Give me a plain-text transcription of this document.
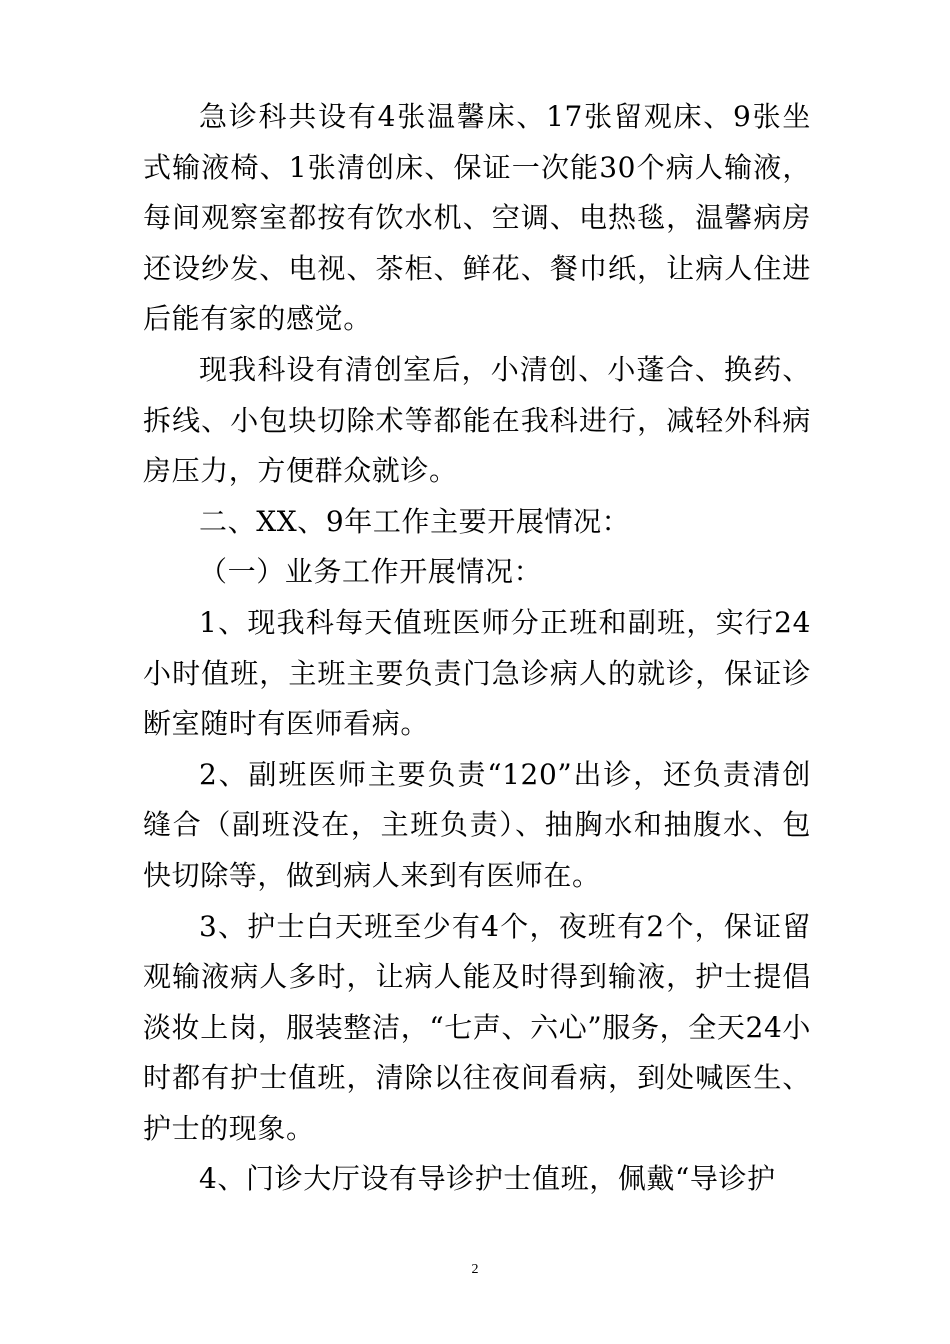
急诊科共设有4张温馨床、17张留观床、9张坐式输液椅、1张清创床、保证一次能30个病人输液，每间观察室都按有饮水机、空调、电热毯，温馨病房还设纱发、电视、茶柜、鲜花、餐巾纸，让病人住进后能有家的感觉。

现我科设有清创室后，小清创、小蓬合、换药、拆线、小包块切除术等都能在我科进行，减轻外科病房压力，方便群众就诊。

二、XX、9年工作主要开展情况：

（一）业务工作开展情况：

1、现我科每天值班医师分正班和副班，实行24小时值班，主班主要负责门急诊病人的就诊，保证诊断室随时有医师看病。

2、副班医师主要负责“120”出诊，还负责清创缝合（副班没在，主班负责）、抽胸水和抽腹水、包快切除等，做到病人来到有医师在。

3、护士白天班至少有4个，夜班有2个，保证留观输液病人多时，让病人能及时得到输液，护士提倡淡妆上岗，服装整洁，“七声、六心”服务，全天24小时都有护士值班，清除以往夜间看病，到处喊医生、护士的现象。

4、门诊大厅设有导诊护士值班，佩戴“导诊护

2
